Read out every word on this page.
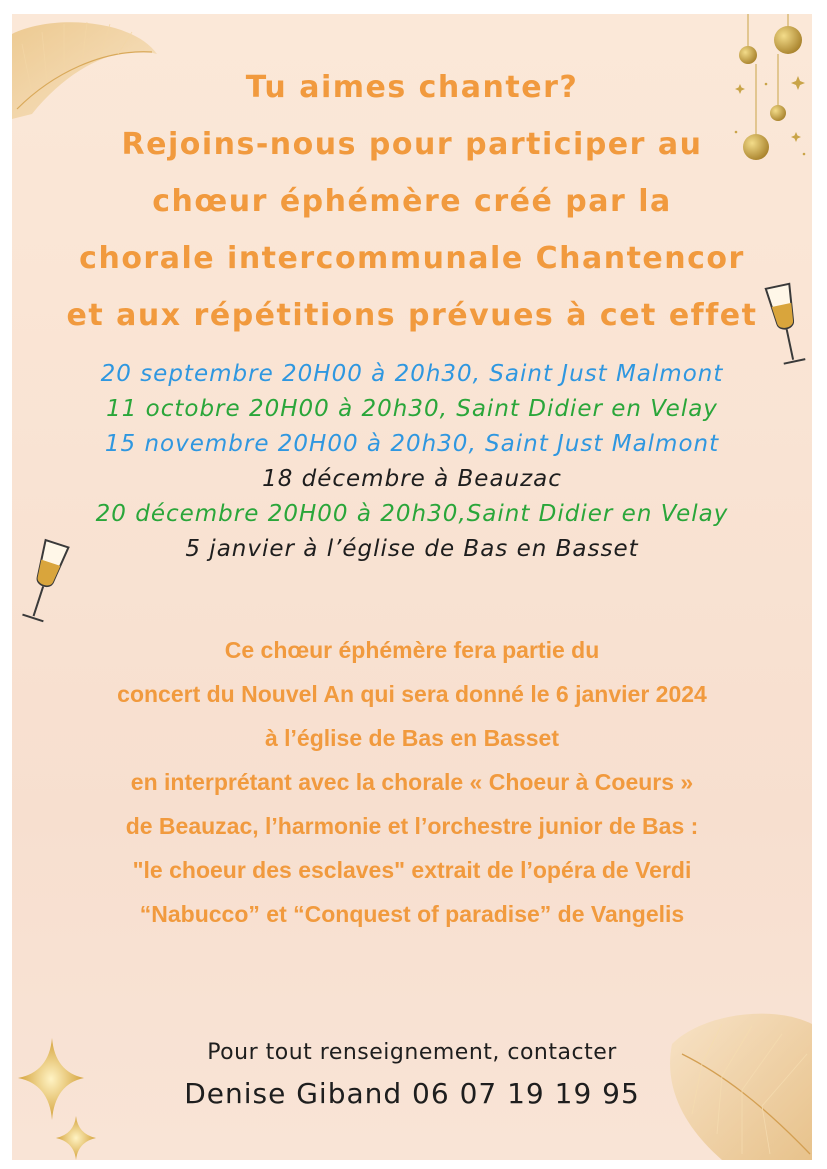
Tu aimes chanter?
Rejoins-nous pour participer au
chœur éphémère créé par la
chorale intercommunale Chantencor
et aux répétitions prévues à cet effet
20 septembre 20H00 à 20h30, Saint Just Malmont
11 octobre 20H00 à 20h30, Saint Didier en Velay
15 novembre 20H00 à 20h30, Saint Just Malmont
18 décembre à Beauzac
20 décembre 20H00 à 20h30,Saint Didier en Velay
5 janvier à l’église de Bas en Basset
Ce chœur éphémère fera partie du
concert du Nouvel An qui sera donné le 6 janvier 2024
à l’église de Bas en Basset
en interprétant avec la chorale « Choeur à Coeurs »
de Beauzac, l’harmonie et l’orchestre junior de Bas :
"le choeur des esclaves" extrait de l’opéra de Verdi
“Nabucco” et “Conquest of paradise” de Vangelis
Pour tout renseignement, contacter
Denise Giband 06 07 19 19 95
